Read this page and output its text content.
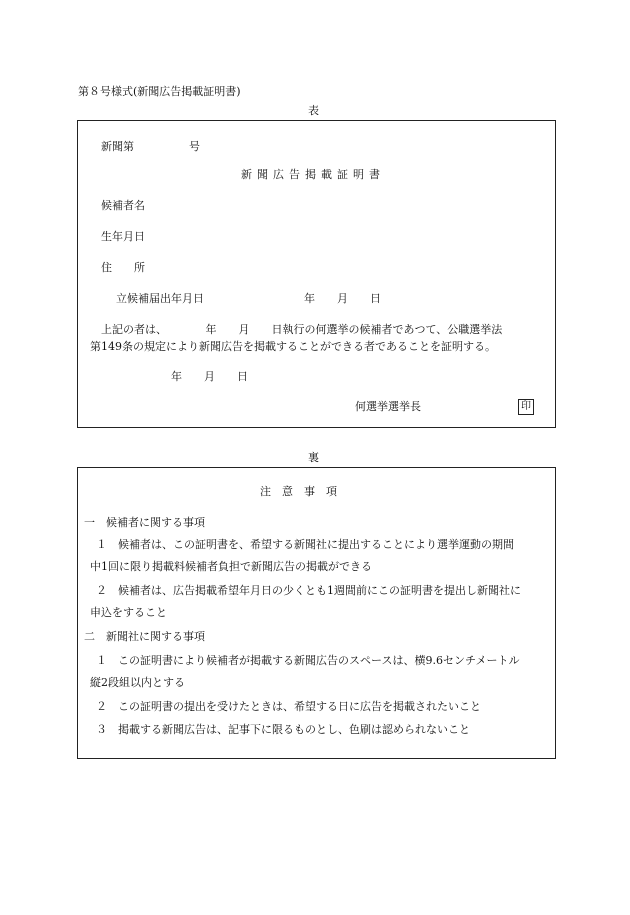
第８号様式(新聞広告掲載証明書)
表
新聞第　　　　　号
新聞広告掲載証明書
候補者名
生年月日
住　　所
立候補届出年月日	年　　月　　日
上記の者は、　　　　年　　月　　日執行の何選挙の候補者であつて、公職選挙法
第149条の規定により新聞広告を掲載することができる者であることを証明する。
年　　月　　日
何選挙選挙長	印
裏
注　意　事　項
一　候補者に関する事項
１　候補者は、この証明書を、希望する新聞社に提出することにより選挙運動の期間
中1回に限り掲載料候補者負担で新聞広告の掲載ができる
２　候補者は、広告掲載希望年月日の少くとも1週間前にこの証明書を提出し新聞社に
申込をすること
二　新聞社に関する事項
１　この証明書により候補者が掲載する新聞広告のスペースは、横9.6センチメートル
縦2段組以内とする
２　この証明書の提出を受けたときは、希望する日に広告を掲載されたいこと
３　掲載する新聞広告は、記事下に限るものとし、色刷は認められないこと
